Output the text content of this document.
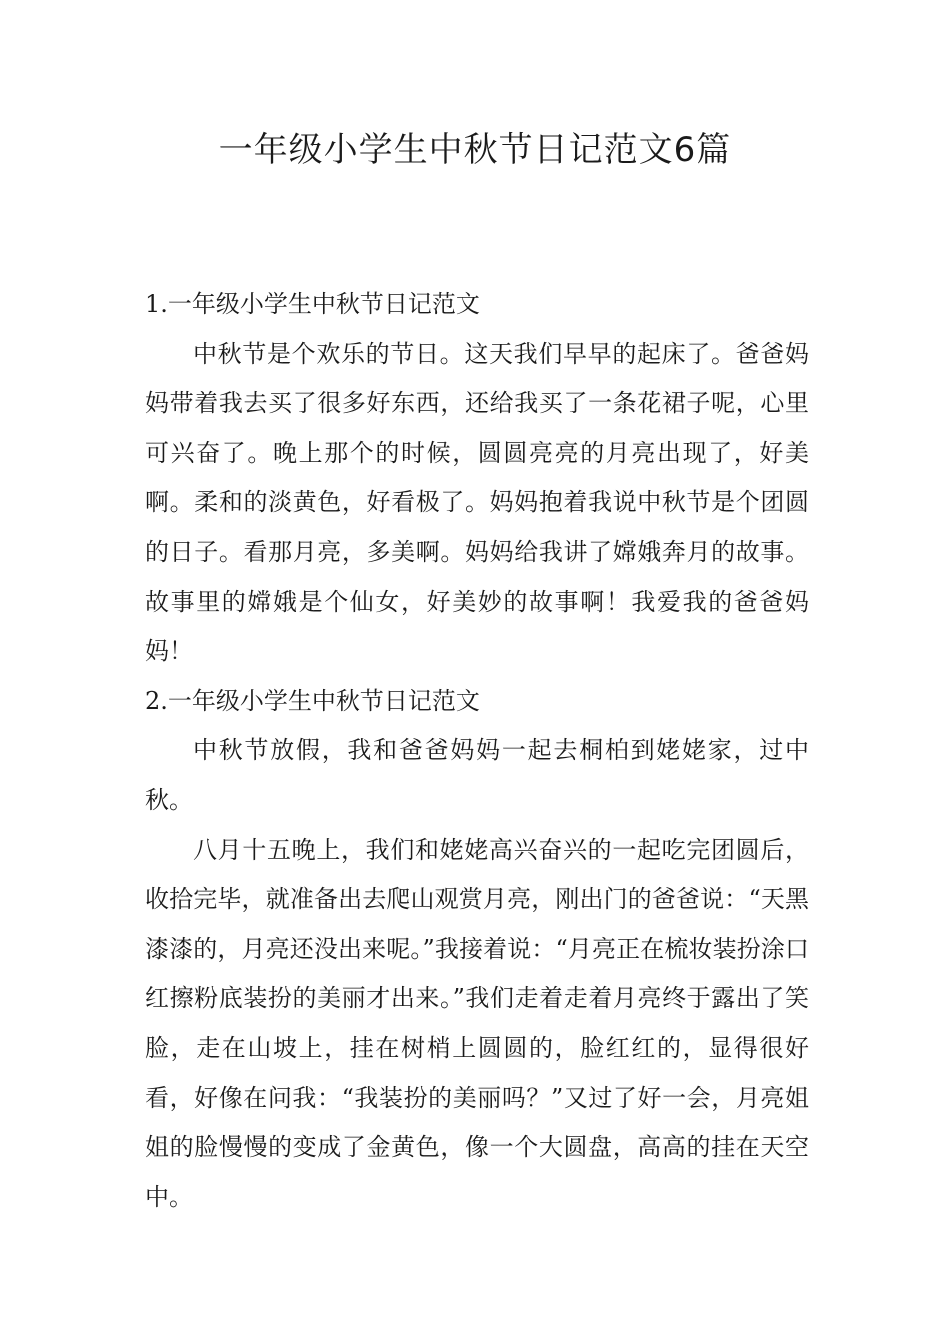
一年级小学生中秋节日记范文6篇
1.一年级小学生中秋节日记范文

中秋节是个欢乐的节日。这天我们早早的起床了。爸爸妈妈带着我去买了很多好东西，还给我买了一条花裙子呢，心里可兴奋了。晚上那个的时候，圆圆亮亮的月亮出现了，好美啊。柔和的淡黄色，好看极了。妈妈抱着我说中秋节是个团圆的日子。看那月亮，多美啊。妈妈给我讲了嫦娥奔月的故事。故事里的嫦娥是个仙女，好美妙的故事啊！我爱我的爸爸妈妈！

2.一年级小学生中秋节日记范文

中秋节放假，我和爸爸妈妈一起去桐柏到姥姥家，过中秋。

八月十五晚上，我们和姥姥高兴奋兴的一起吃完团圆后，收拾完毕，就准备出去爬山观赏月亮，刚出门的爸爸说：“天黑漆漆的，月亮还没出来呢。”我接着说：“月亮正在梳妆装扮涂口红擦粉底装扮的美丽才出来。”我们走着走着月亮终于露出了笑脸，走在山坡上，挂在树梢上圆圆的，脸红红的，显得很好看，好像在问我：“我装扮的美丽吗？”又过了好一会，月亮姐姐的脸慢慢的变成了金黄色，像一个大圆盘，高高的挂在天空中。
